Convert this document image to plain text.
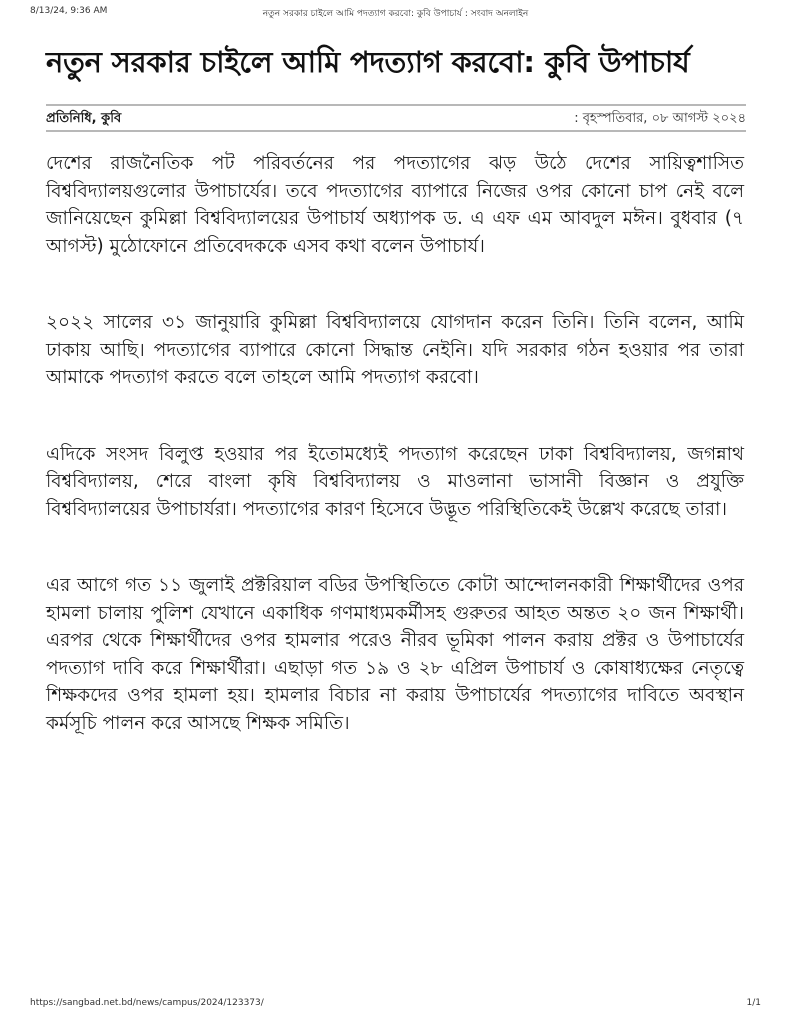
8/13/24, 9:36 AM	নতুন সরকার চাইলে আমি পদত্যাগ করবো: কুবি উপাচার্য : সংবাদ অনলাইন
নতুন সরকার চাইলে আমি পদত্যাগ করবো: কুবি উপাচার্য
প্রতিনিধি, কুবি	: বৃহস্পতিবার, ০৮ আগস্ট ২০২৪

দেশের রাজনৈতিক পট পরিবর্তনের পর পদত্যাগের ঝড় উঠে দেশের সায়িত্বশাসিত বিশ্ববিদ্যালয়গুলোর উপাচার্যের। তবে পদত্যাগের ব্যাপারে নিজের ওপর কোনো চাপ নেই বলে জানিয়েছেন কুমিল্লা বিশ্ববিদ্যালয়ের উপাচার্য অধ্যাপক ড. এ এফ এম আবদুল মঈন। বুধবার (৭ আগস্ট) মুঠোফোনে প্রতিবেদককে এসব কথা বলেন উপাচার্য।

২০২২ সালের ৩১ জানুয়ারি কুমিল্লা বিশ্ববিদ্যালয়ে যোগদান করেন তিনি। তিনি বলেন, আমি ঢাকায় আছি। পদত্যাগের ব্যাপারে কোনো সিদ্ধান্ত নেইনি। যদি সরকার গঠন হওয়ার পর তারা আমাকে পদত্যাগ করতে বলে তাহলে আমি পদত্যাগ করবো।

এদিকে সংসদ বিলুপ্ত হওয়ার পর ইতোমধ্যেই পদত্যাগ করেছেন ঢাকা বিশ্ববিদ্যালয়, জগন্নাথ বিশ্ববিদ্যালয়, শেরে বাংলা কৃষি বিশ্ববিদ্যালয় ও মাওলানা ভাসানী বিজ্ঞান ও প্রযুক্তি বিশ্ববিদ্যালয়ের উপাচার্যরা। পদত্যাগের কারণ হিসেবে উদ্ভূত পরিস্থিতিকেই উল্লেখ করেছে তারা।

এর আগে গত ১১ জুলাই প্রক্টরিয়াল বডির উপস্থিতিতে কোটা আন্দোলনকারী শিক্ষার্থীদের ওপর হামলা চালায় পুলিশ যেখানে একাধিক গণমাধ্যমকর্মীসহ গুরুতর আহত অন্তত ২০ জন শিক্ষার্থী। এরপর থেকে শিক্ষার্থীদের ওপর হামলার পরেও নীরব ভূমিকা পালন করায় প্রক্টর ও উপাচার্যের পদত্যাগ দাবি করে শিক্ষার্থীরা। এছাড়া গত ১৯ ও ২৮ এপ্রিল উপাচার্য ও কোষাধ্যক্ষের নেতৃত্বে শিক্ষকদের ওপর হামলা হয়। হামলার বিচার না করায় উপাচার্যের পদত্যাগের দাবিতে অবস্থান কর্মসূচি পালন করে আসছে শিক্ষক সমিতি।

https://sangbad.net.bd/news/campus/2024/123373/	1/1
